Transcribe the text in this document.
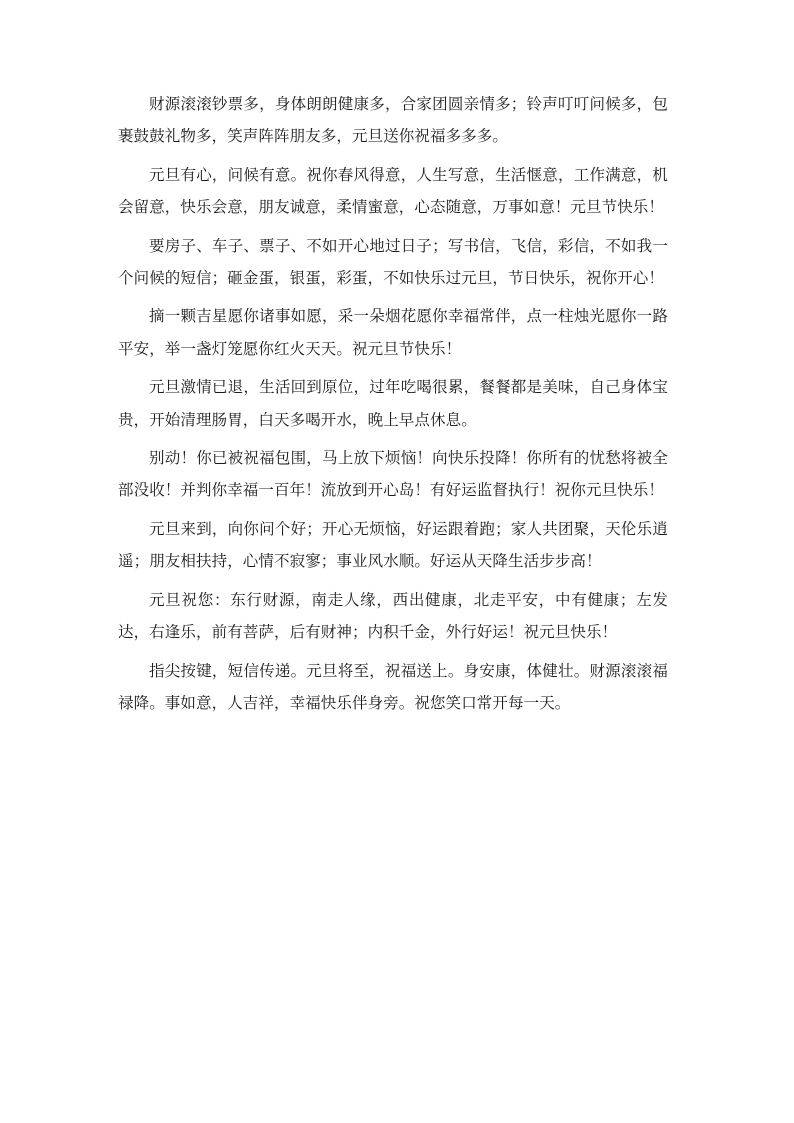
财源滚滚钞票多，身体朗朗健康多，合家团圆亲情多；铃声叮叮问候多，包裹鼓鼓礼物多，笑声阵阵朋友多，元旦送你祝福多多多。

元旦有心，问候有意。祝你春风得意，人生写意，生活惬意，工作满意，机会留意，快乐会意，朋友诚意，柔情蜜意，心态随意，万事如意！元旦节快乐！

要房子、车子、票子、不如开心地过日子；写书信，飞信，彩信，不如我一个问候的短信；砸金蛋，银蛋，彩蛋，不如快乐过元旦，节日快乐，祝你开心！

摘一颗吉星愿你诸事如愿，采一朵烟花愿你幸福常伴，点一柱烛光愿你一路平安，举一盏灯笼愿你红火天天。祝元旦节快乐！

元旦激情已退，生活回到原位，过年吃喝很累，餐餐都是美味，自己身体宝贵，开始清理肠胃，白天多喝开水，晚上早点休息。

别动！你已被祝福包围，马上放下烦恼！向快乐投降！你所有的忧愁将被全部没收！并判你幸福一百年！流放到开心岛！有好运监督执行！祝你元旦快乐！

元旦来到，向你问个好；开心无烦恼，好运跟着跑；家人共团聚，天伦乐逍遥；朋友相扶持，心情不寂寥；事业风水顺。好运从天降生活步步高！

元旦祝您：东行财源，南走人缘，西出健康，北走平安，中有健康；左发达，右逢乐，前有菩萨，后有财神；内积千金，外行好运！祝元旦快乐！

指尖按键，短信传递。元旦将至，祝福送上。身安康，体健壮。财源滚滚福禄降。事如意，人吉祥，幸福快乐伴身旁。祝您笑口常开每一天。
